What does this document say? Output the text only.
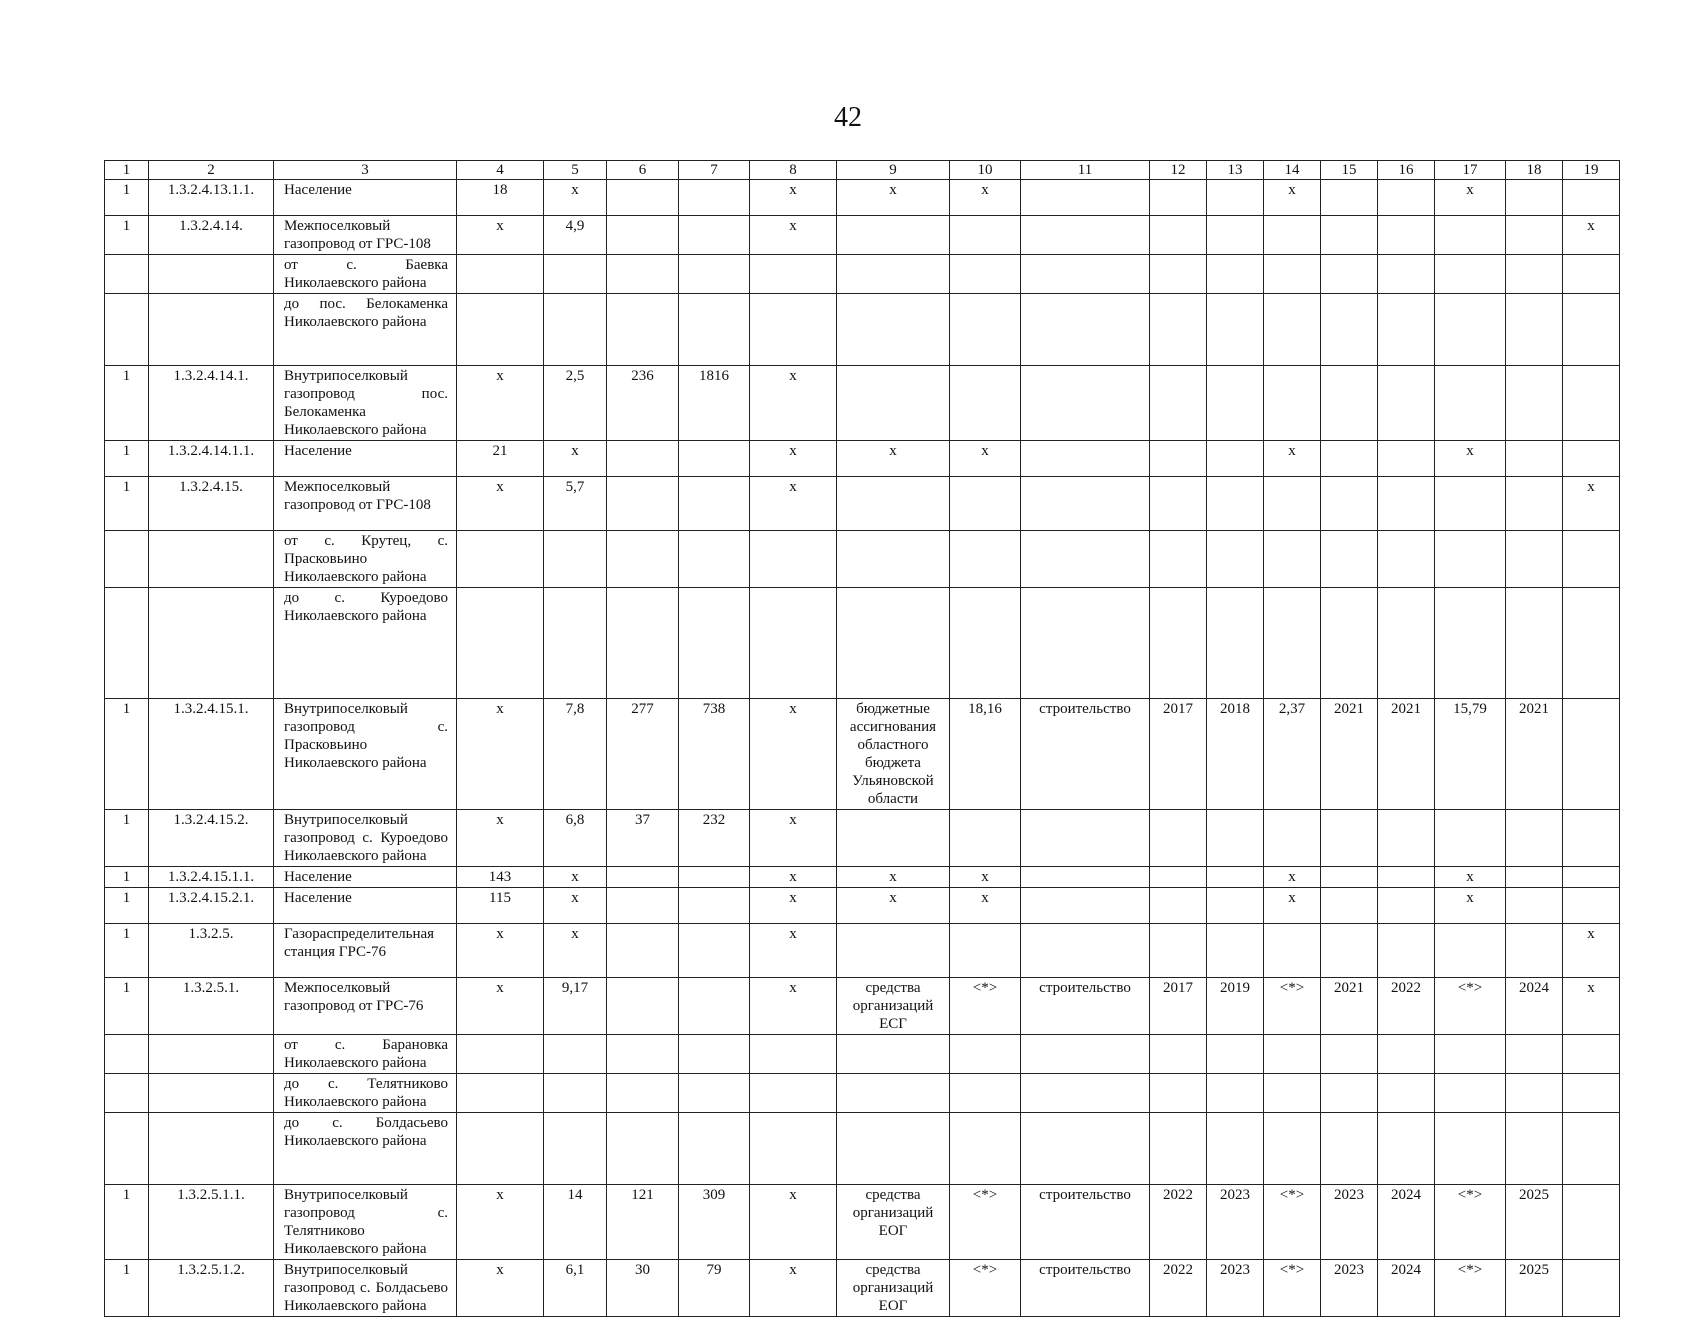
42
1	2	3	4	5	6	7	8	9	10	11	12	13	14	15	16	17	18	19
1	1.3.2.4.13.1.1.	Население	18	х			х	х	х				х			х		
1	1.3.2.4.14.	Межпоселковый газопровод от ГРС-108	х	4,9			х											х
		от с. Баевка Николаевского района																
		до пос. Белокаменка Николаевского района																
1	1.3.2.4.14.1.	Внутрипоселковый газопровод пос. Белокаменка Николаевского района	х	2,5	236	1816	х											
1	1.3.2.4.14.1.1.	Население	21	х			х	х	х				х			х		
1	1.3.2.4.15.	Межпоселковый газопровод от ГРС-108	х	5,7			х											х
		от с. Крутец, с. Прасковьино Николаевского района																
		до с. Куроедово Николаевского района																
1	1.3.2.4.15.1.	Внутрипоселковый газопровод с. Прасковьино Николаевского района	х	7,8	277	738	х	бюджетные ассигнования областного бюджета Ульяновской области	18,16	строительство	2017	2018	2,37	2021	2021	15,79	2021	
1	1.3.2.4.15.2.	Внутрипоселковый газопровод с. Куроедово Николаевского района	х	6,8	37	232	х											
1	1.3.2.4.15.1.1.	Население	143	х			х	х	х				х			х		
1	1.3.2.4.15.2.1.	Население	115	х			х	х	х				х			х		
1	1.3.2.5.	Газораспределительная станция ГРС-76	х	х			х											х
1	1.3.2.5.1.	Межпоселковый газопровод от ГРС-76	х	9,17			х	средства организаций ЕСГ	<*>	строительство	2017	2019	<*>	2021	2022	<*>	2024	х
		от с. Барановка Николаевского района																
		до с. Телятниково Николаевского района																
		до с. Болдасьево Николаевского района																
1	1.3.2.5.1.1.	Внутрипоселковый газопровод с. Телятниково Николаевского района	х	14	121	309	х	средства организаций ЕОГ	<*>	строительство	2022	2023	<*>	2023	2024	<*>	2025	
1	1.3.2.5.1.2.	Внутрипоселковый газопровод с. Болдасьево Николаевского района	х	6,1	30	79	х	средства организаций ЕОГ	<*>	строительство	2022	2023	<*>	2023	2024	<*>	2025	
